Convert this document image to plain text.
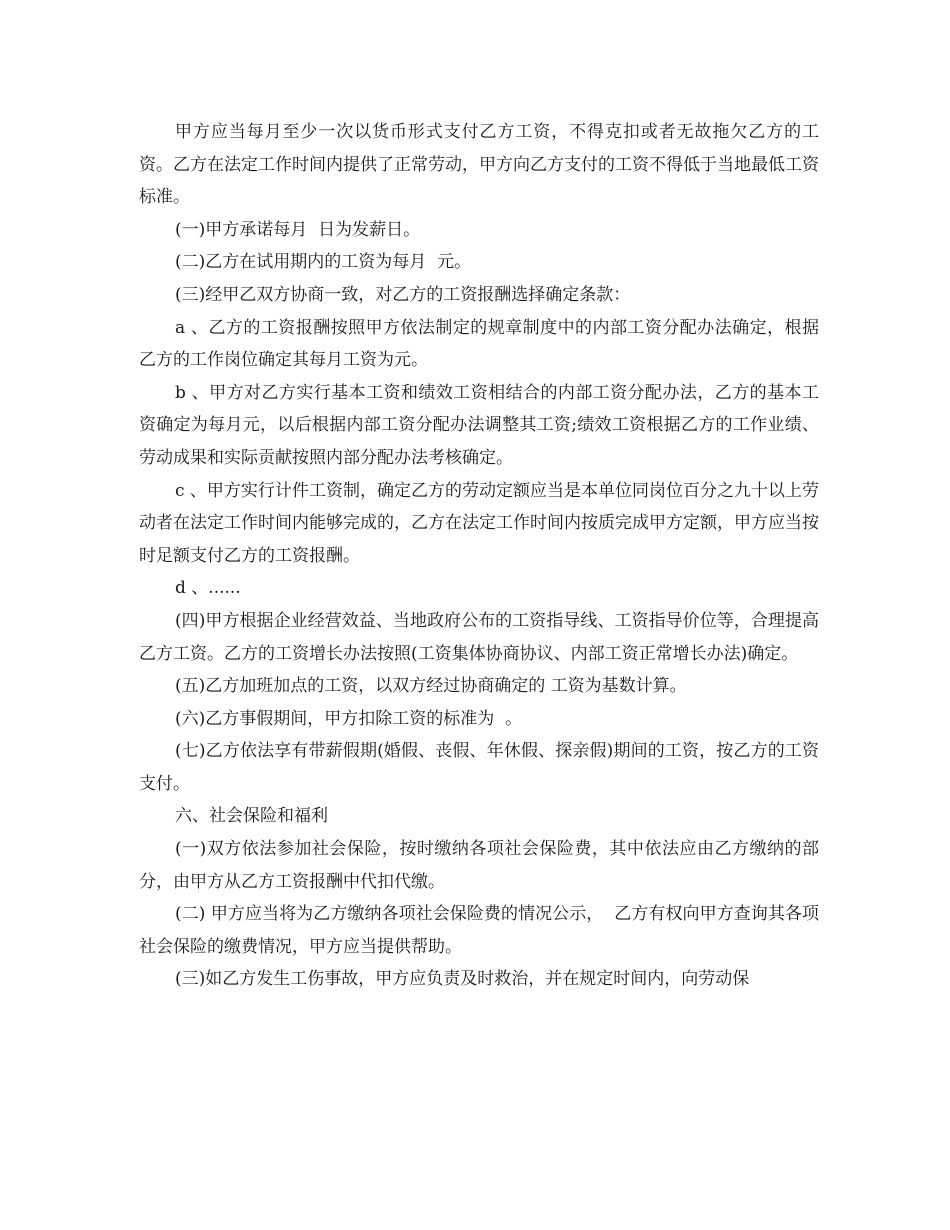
甲方应当每月至少一次以货币形式支付乙方工资，不得克扣或者无故拖欠乙方的工资。乙方在法定工作时间内提供了正常劳动，甲方向乙方支付的工资不得低于当地最低工资标准。

(一)甲方承诺每月  日为发薪日。

(二)乙方在试用期内的工资为每月  元。

(三)经甲乙双方协商一致，对乙方的工资报酬选择确定条款：

a 、乙方的工资报酬按照甲方依法制定的规章制度中的内部工资分配办法确定，根据乙方的工作岗位确定其每月工资为元。

b 、甲方对乙方实行基本工资和绩效工资相结合的内部工资分配办法，乙方的基本工资确定为每月元，以后根据内部工资分配办法调整其工资;绩效工资根据乙方的工作业绩、劳动成果和实际贡献按照内部分配办法考核确定。

c 、甲方实行计件工资制，确定乙方的劳动定额应当是本单位同岗位百分之九十以上劳动者在法定工作时间内能够完成的，乙方在法定工作时间内按质完成甲方定额，甲方应当按时足额支付乙方的工资报酬。

d 、......

(四)甲方根据企业经营效益、当地政府公布的工资指导线、工资指导价位等，合理提高乙方工资。乙方的工资增长办法按照(工资集体协商协议、内部工资正常增长办法)确定。

(五)乙方加班加点的工资，以双方经过协商确定的 工资为基数计算。

(六)乙方事假期间，甲方扣除工资的标准为  。

(七)乙方依法享有带薪假期(婚假、丧假、年休假、探亲假)期间的工资，按乙方的工资支付。

六、社会保险和福利

(一)双方依法参加社会保险，按时缴纳各项社会保险费，其中依法应由乙方缴纳的部分，由甲方从乙方工资报酬中代扣代缴。

(二) 甲方应当将为乙方缴纳各项社会保险费的情况公示，  乙方有权向甲方查询其各项社会保险的缴费情况，甲方应当提供帮助。

(三)如乙方发生工伤事故，甲方应负责及时救治，并在规定时间内，向劳动保
